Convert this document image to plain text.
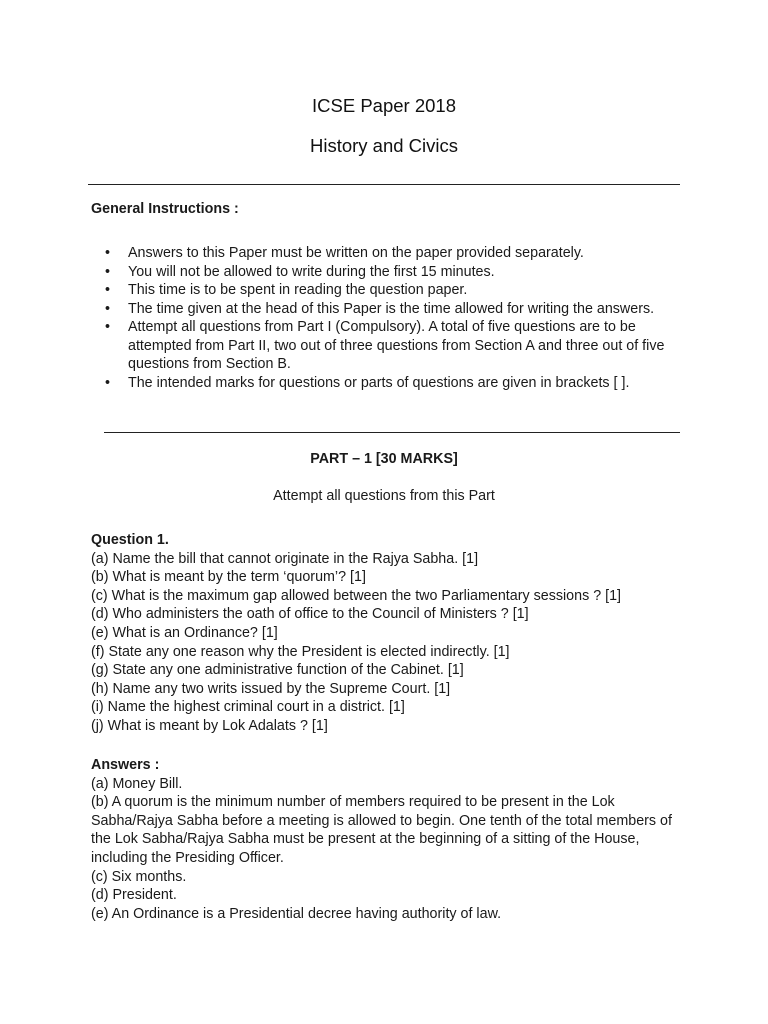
ICSE Paper 2018
History and Civics

General Instructions :

• Answers to this Paper must be written on the paper provided separately.
• You will not be allowed to write during the first 15 minutes.
• This time is to be spent in reading the question paper.
• The time given at the head of this Paper is the time allowed for writing the answers.
• Attempt all questions from Part I (Compulsory). A total of five questions are to be attempted from Part II, two out of three questions from Section A and three out of five questions from Section B.
• The intended marks for questions or parts of questions are given in brackets [ ].

PART – 1 [30 MARKS]

Attempt all questions from this Part

Question 1.
(a) Name the bill that cannot originate in the Rajya Sabha. [1]
(b) What is meant by the term ‘quorum’? [1]
(c) What is the maximum gap allowed between the two Parliamentary sessions ? [1]
(d) Who administers the oath of office to the Council of Ministers ? [1]
(e) What is an Ordinance? [1]
(f) State any one reason why the President is elected indirectly. [1]
(g) State any one administrative function of the Cabinet. [1]
(h) Name any two writs issued by the Supreme Court. [1]
(i) Name the highest criminal court in a district. [1]
(j) What is meant by Lok Adalats ? [1]
Answers :
(a) Money Bill.
(b) A quorum is the minimum number of members required to be present in the Lok Sabha/Rajya Sabha before a meeting is allowed to begin. One tenth of the total members of the Lok Sabha/Rajya Sabha must be present at the beginning of a sitting of the House, including the Presiding Officer.
(c) Six months.
(d) President.
(e) An Ordinance is a Presidential decree having authority of law.
